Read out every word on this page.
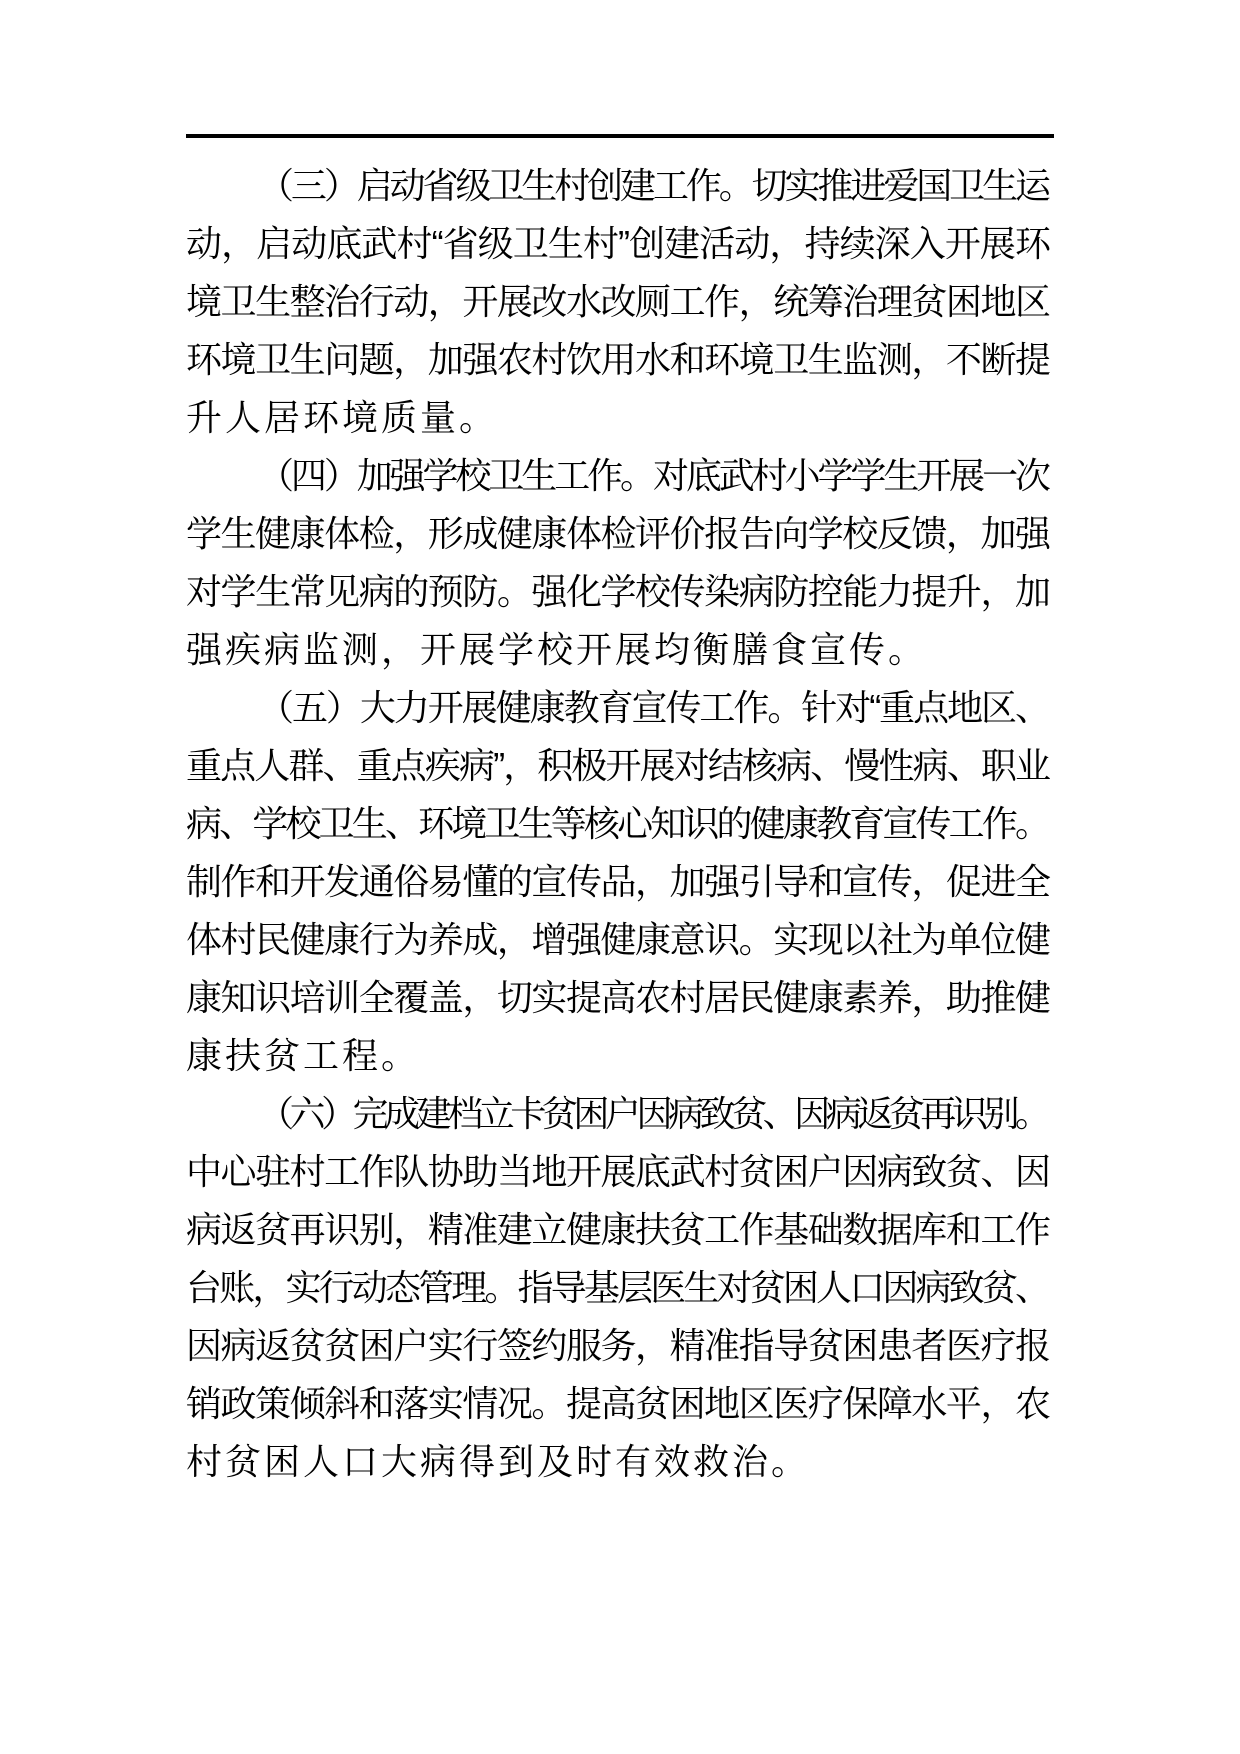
（三）启动省级卫生村创建工作。切实推进爱国卫生运
动，启动底武村“省级卫生村”创建活动，持续深入开展环
境卫生整治行动，开展改水改厕工作，统筹治理贫困地区
环境卫生问题，加强农村饮用水和环境卫生监测，不断提
升人居环境质量。
（四）加强学校卫生工作。对底武村小学学生开展一次
学生健康体检，形成健康体检评价报告向学校反馈，加强
对学生常见病的预防。强化学校传染病防控能力提升，加
强疾病监测，开展学校开展均衡膳食宣传。
（五）大力开展健康教育宣传工作。针对“重点地区、
重点人群、重点疾病”，积极开展对结核病、慢性病、职业
病、学校卫生、环境卫生等核心知识的健康教育宣传工作。
制作和开发通俗易懂的宣传品，加强引导和宣传，促进全
体村民健康行为养成，增强健康意识。实现以社为单位健
康知识培训全覆盖，切实提高农村居民健康素养，助推健
康扶贫工程。
（六）完成建档立卡贫困户因病致贫、因病返贫再识别。
中心驻村工作队协助当地开展底武村贫困户因病致贫、因
病返贫再识别，精准建立健康扶贫工作基础数据库和工作
台账，实行动态管理。指导基层医生对贫困人口因病致贫、
因病返贫贫困户实行签约服务，精准指导贫困患者医疗报
销政策倾斜和落实情况。提高贫困地区医疗保障水平，农
村贫困人口大病得到及时有效救治。
